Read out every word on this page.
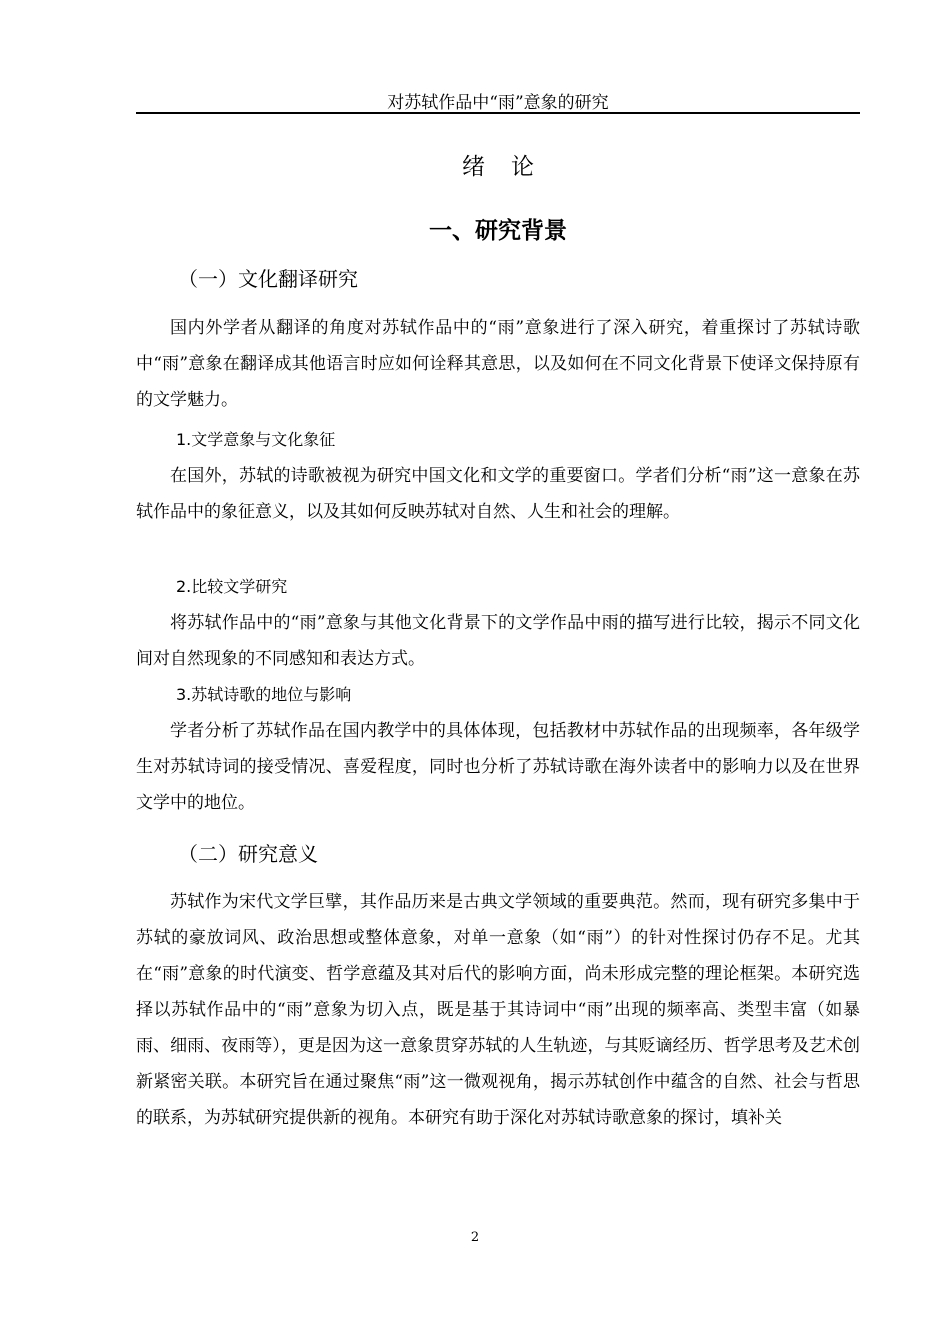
对苏轼作品中“雨”意象的研究
绪论
一、研究背景
（一）文化翻译研究

国内外学者从翻译的角度对苏轼作品中的“雨”意象进行了深入研究，着重探讨了苏轼诗歌中“雨”意象在翻译成其他语言时应如何诠释其意思，以及如何在不同文化背景下使译文保持原有的文学魅力。

1.文学意象与文化象征

在国外，苏轼的诗歌被视为研究中国文化和文学的重要窗口。学者们分析“雨”这一意象在苏轼作品中的象征意义，以及其如何反映苏轼对自然、人生和社会的理解。

2.比较文学研究

将苏轼作品中的“雨”意象与其他文化背景下的文学作品中雨的描写进行比较，揭示不同文化间对自然现象的不同感知和表达方式。

3.苏轼诗歌的地位与影响

学者分析了苏轼作品在国内教学中的具体体现，包括教材中苏轼作品的出现频率，各年级学生对苏轼诗词的接受情况、喜爱程度，同时也分析了苏轼诗歌在海外读者中的影响力以及在世界文学中的地位。

（二）研究意义

苏轼作为宋代文学巨擘，其作品历来是古典文学领域的重要典范。然而，现有研究多集中于苏轼的豪放词风、政治思想或整体意象，对单一意象（如“雨”）的针对性探讨仍存不足。尤其在“雨”意象的时代演变、哲学意蕴及其对后代的影响方面，尚未形成完整的理论框架。本研究选择以苏轼作品中的“雨”意象为切入点，既是基于其诗词中“雨”出现的频率高、类型丰富（如暴雨、细雨、夜雨等），更是因为这一意象贯穿苏轼的人生轨迹，与其贬谪经历、哲学思考及艺术创新紧密关联。本研究旨在通过聚焦“雨”这一微观视角，揭示苏轼创作中蕴含的自然、社会与哲思的联系，为苏轼研究提供新的视角。本研究有助于深化对苏轼诗歌意象的探讨，填补关

2
